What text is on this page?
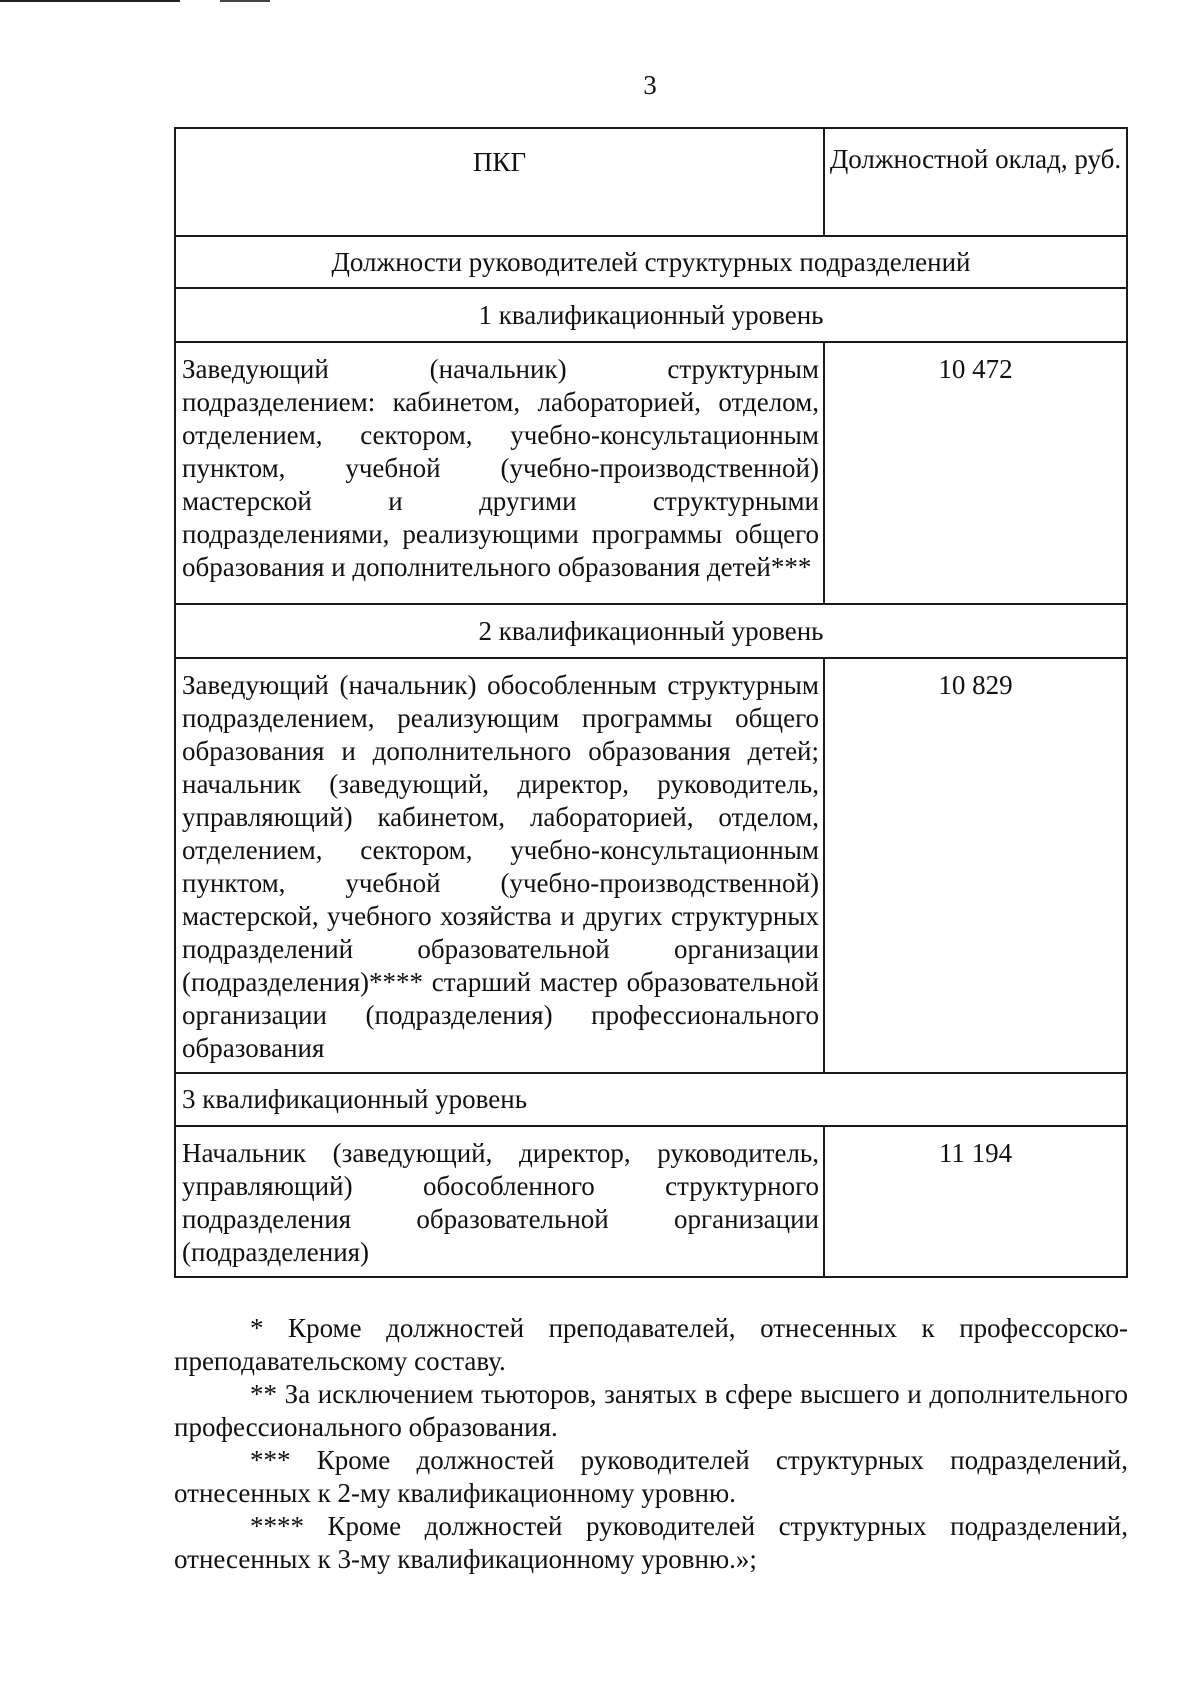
3
ПКГ	Должностной оклад, руб.
Должности руководителей структурных подразделений	
1 квалификационный уровень	
Заведующий (начальник) структурным подразделением: кабинетом, лабораторией, отделом, отделением, сектором, учебно-консультационным пунктом, учебной (учебно-производственной) мастерской и другими структурными подразделениями, реализующими программы общего образования и дополнительного образования детей***	10 472
2 квалификационный уровень	
Заведующий (начальник) обособленным структурным подразделением, реализующим программы общего образования и дополнительного образования детей; начальник (заведующий, директор, руководитель, управляющий) кабинетом, лабораторией, отделом, отделением, сектором, учебно-консультационным пунктом, учебной (учебно-производственной) мастерской, учебного хозяйства и других структурных подразделений образовательной организации (подразделения)**** старший мастер образовательной организации (подразделения) профессионального образования	10 829
3 квалификационный уровень	
Начальник (заведующий, директор, руководитель, управляющий) обособленного структурного подразделения образовательной организации (подразделения)	11 194

* Кроме должностей преподавателей, отнесенных к профессорско-преподавательскому составу.

** За исключением тьюторов, занятых в сфере высшего и дополнительного профессионального образования.

*** Кроме должностей руководителей структурных подразделений, отнесенных к 2-му квалификационному уровню.

**** Кроме должностей руководителей структурных подразделений, отнесенных к 3-му квалификационному уровню.»;
